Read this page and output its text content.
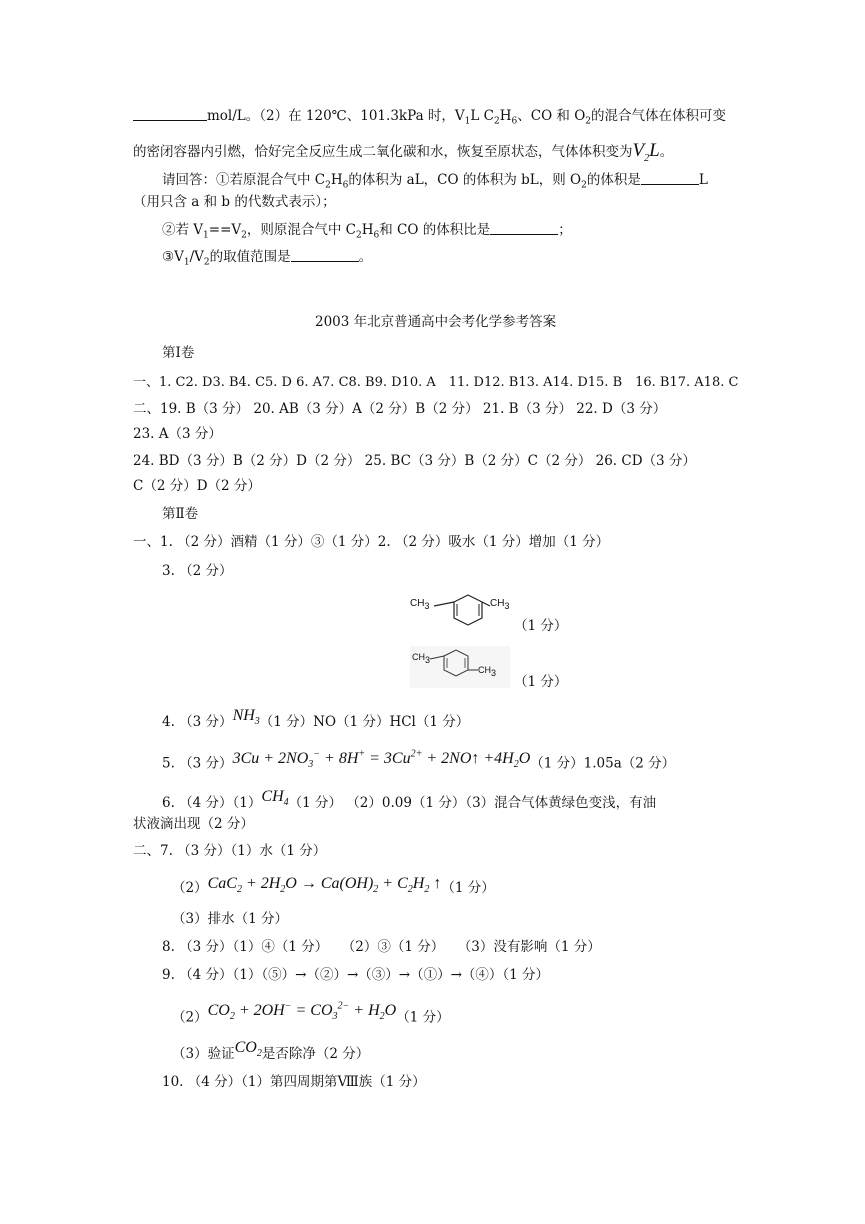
mol/L。（2）在 120℃、101.3kPa 时，$V_1L$ $C_2H_6$、CO 和 $O_2$的混合气体在体积可变
的密闭容器内引燃，恰好完全反应生成二氧化碳和水，恢复至原状态，气体体积变为$V_2L$。
请回答：①若原混合气中 $C_2H_6$的体积为 aL，CO 的体积为 bL，则 $O_2$的体积是	L
（用只含 a 和 b 的代数式表示）；
②若 $V_1==V_2$，则原混合气中 $C_2H_6$和 CO 的体积比是	；
$③V_1/V_2$的取值范围是	。
2003 年北京普通高中会考化学参考答案
第Ⅰ卷
一、1. C2. D3. B4. C5. D 6. A7. C8. B9. D10. A　11. D12. B13. A14. D15. B　16. B17. A18. C
二、19. B（3 分） 20. AB（3 分）A（2 分）B（2 分） 21. B（3 分） 22. D（3 分）
23. A（3 分）
24. BD（3 分）B（2 分）D（2 分） 25. BC（3 分）B（2 分）C（2 分） 26. CD（3 分）
C（2 分）D（2 分）
第Ⅱ卷
一、1. （2 分）酒精（1 分）③（1 分）2. （2 分）吸水（1 分）增加（1 分）
3. （2 分）
$CH_3$	$CH_3$
（1 分）
$CH_3$
$CH_3$
（1 分）
4. （3 分）$NH_3(1$ 分）NO（1 分）HCl（1 分）
5. （3 分）$3Cu + 2NO_3^- + 8H^+ = 3Cu^{2+}$ + 2NO↑ $+4H_2O(1$ 分）1.05a（2 分）
6. （4 分）$(1)CH_4(1$ 分） （2）0.09（1 分）（3）混合气体黄绿色变浅，有油
状液滴出现（2 分）
二、7. （3 分）（1）水（1 分）
$(2)CaC_2 + 2H_2O \to Ca(OH)_2 + C_2H_2$ ↑（1 分）
（3）排水（1 分）
8. （3 分）（1）④（1 分）　　（2）③（1 分）　　（3）没有影响（1 分）
9. （4 分）（1）（⑤）→（②）→（③）→（①）→（④）（1 分）
$(2)CO_2 + 2OH^- = CO_3^{2-} + H_2O(1$ 分）
（3）验证$CO_2$是否除净（2 分）
10. （4 分）（1）第四周期第Ⅷ族（1 分）
